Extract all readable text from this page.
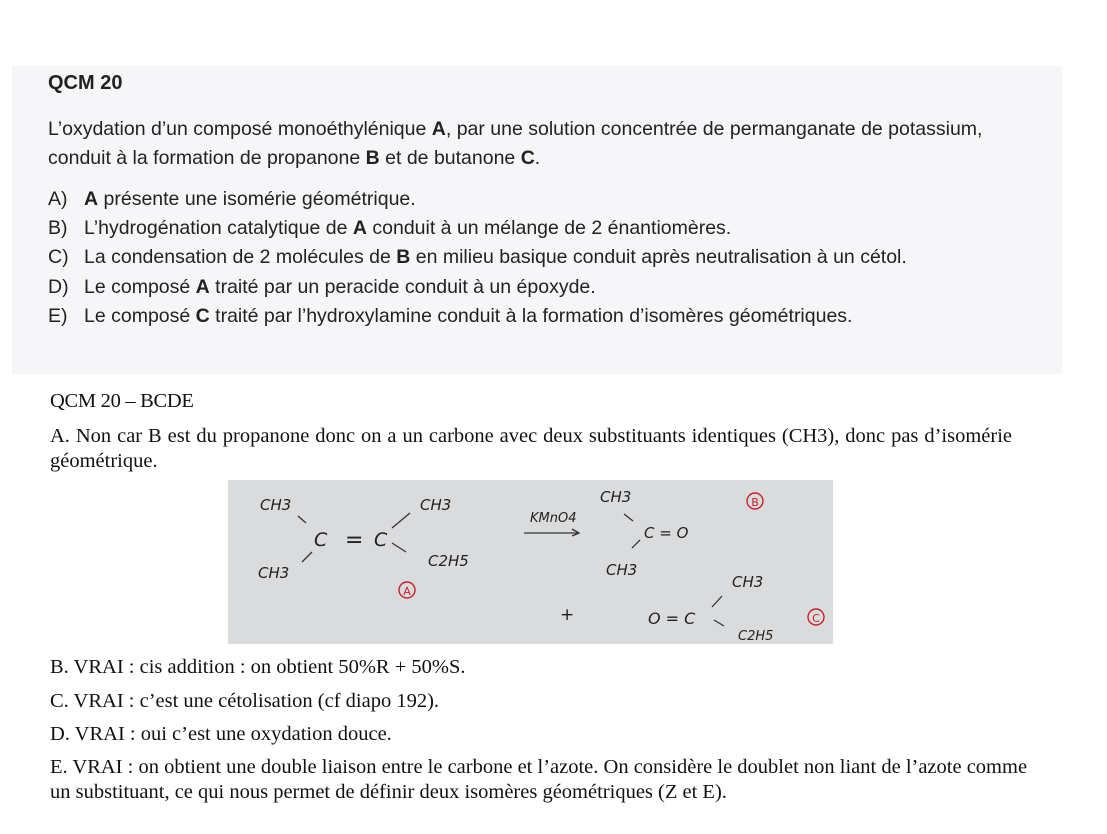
QCM 20
L’oxydation d’un composé monoéthylénique A, par une solution concentrée de permanganate de potassium, conduit à la formation de propanone B et de butanone C.
A) A présente une isomérie géométrique.
B) L’hydrogénation catalytique de A conduit à un mélange de 2 énantiomères.
C) La condensation de 2 molécules de B en milieu basique conduit après neutralisation à un cétol.
D) Le composé A traité par un peracide conduit à un époxyde.
E) Le composé C traité par l’hydroxylamine conduit à la formation d’isomères géométriques.
QCM 20 – BCDE
A. Non car B est du propanone donc on a un carbone avec deux substituants identiques (CH3), donc pas d’isomérie géométrique.
CH3
C = C
CH3
C2H5
CH3
A
KMnO4
CH3
C = O
CH3
B
+
CH3
O = C
C2H5
C
B. VRAI : cis addition : on obtient 50%R + 50%S.
C. VRAI : c’est une cétolisation (cf diapo 192).
D. VRAI : oui c’est une oxydation douce.
E. VRAI : on obtient une double liaison entre le carbone et l’azote. On considère le doublet non liant de l’azote comme un substituant, ce qui nous permet de définir deux isomères géométriques (Z et E).
